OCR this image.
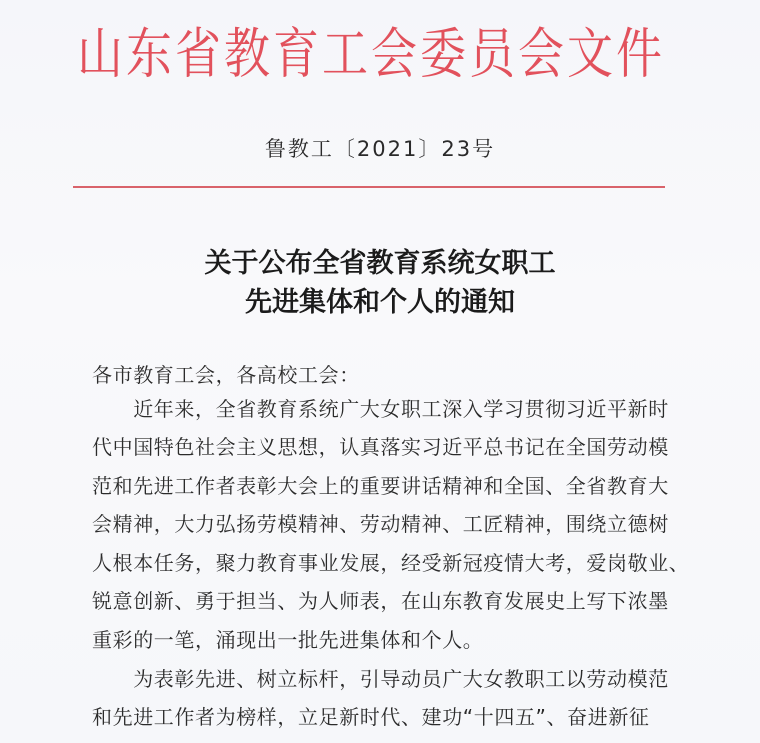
山东省教育工会委员会文件
鲁教工〔2021〕23号
关于公布全省教育系统女职工
先进集体和个人的通知
各市教育工会，各高校工会：
　　近年来，全省教育系统广大女职工深入学习贯彻习近平新时
代中国特色社会主义思想，认真落实习近平总书记在全国劳动模
范和先进工作者表彰大会上的重要讲话精神和全国、全省教育大
会精神，大力弘扬劳模精神、劳动精神、工匠精神，围绕立德树
人根本任务，聚力教育事业发展，经受新冠疫情大考，爱岗敬业、
锐意创新、勇于担当、为人师表，在山东教育发展史上写下浓墨
重彩的一笔，涌现出一批先进集体和个人。
　　为表彰先进、树立标杆，引导动员广大女教职工以劳动模范
和先进工作者为榜样，立足新时代、建功“十四五”、奋进新征
